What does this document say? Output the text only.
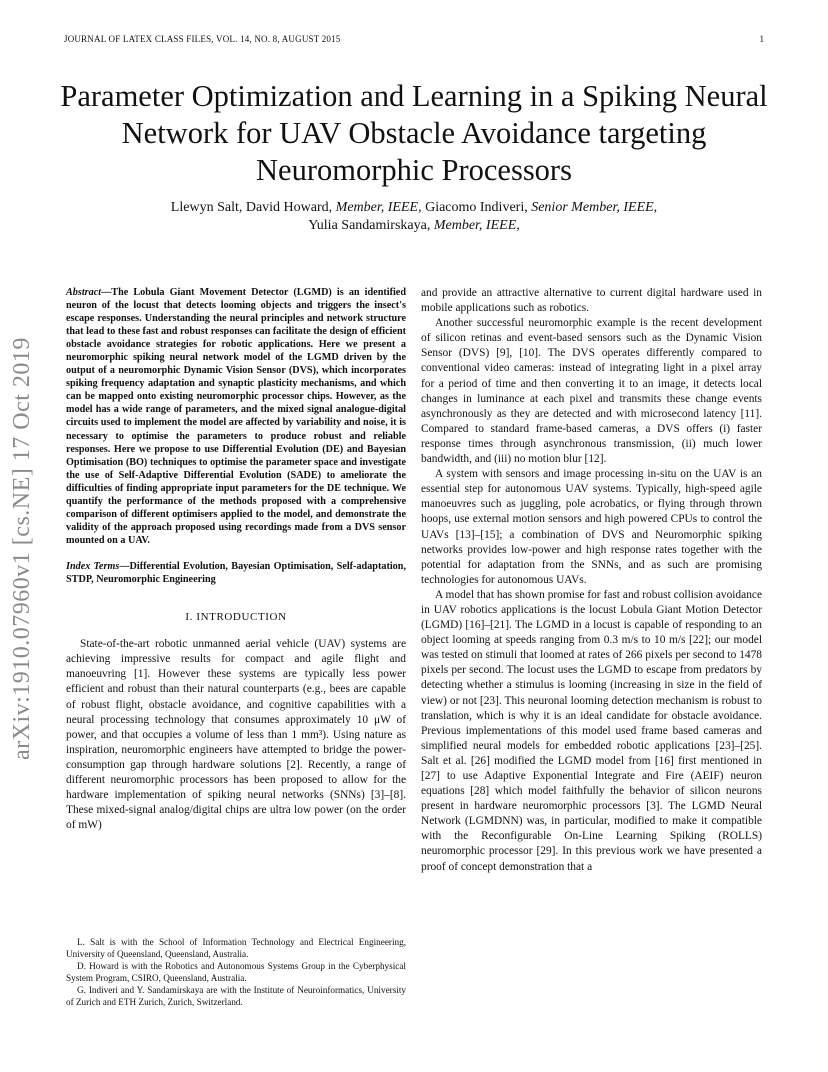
JOURNAL OF LATEX CLASS FILES, VOL. 14, NO. 8, AUGUST 2015	1
arXiv:1910.07960v1 [cs.NE] 17 Oct 2019
Parameter Optimization and Learning in a Spiking Neural Network for UAV Obstacle Avoidance targeting Neuromorphic Processors
Llewyn Salt, David Howard, Member, IEEE, Giacomo Indiveri, Senior Member, IEEE,
Yulia Sandamirskaya, Member, IEEE,
Abstract—The Lobula Giant Movement Detector (LGMD) is an identified neuron of the locust that detects looming objects and triggers the insect's escape responses. Understanding the neural principles and network structure that lead to these fast and robust responses can facilitate the design of efficient obstacle avoidance strategies for robotic applications. Here we present a neuromorphic spiking neural network model of the LGMD driven by the output of a neuromorphic Dynamic Vision Sensor (DVS), which incorporates spiking frequency adaptation and synaptic plasticity mechanisms, and which can be mapped onto existing neuromorphic processor chips. However, as the model has a wide range of parameters, and the mixed signal analogue-digital circuits used to implement the model are affected by variability and noise, it is necessary to optimise the parameters to produce robust and reliable responses. Here we propose to use Differential Evolution (DE) and Bayesian Optimisation (BO) techniques to optimise the parameter space and investigate the use of Self-Adaptive Differential Evolution (SADE) to ameliorate the difficulties of finding appropriate input parameters for the DE technique. We quantify the performance of the methods proposed with a comprehensive comparison of different optimisers applied to the model, and demonstrate the validity of the approach proposed using recordings made from a DVS sensor mounted on a UAV.
Index Terms—Differential Evolution, Bayesian Optimisation, Self-adaptation, STDP, Neuromorphic Engineering
I. INTRODUCTION

State-of-the-art robotic unmanned aerial vehicle (UAV) systems are achieving impressive results for compact and agile flight and manoeuvring [1]. However these systems are typically less power efficient and robust than their natural counterparts (e.g., bees are capable of robust flight, obstacle avoidance, and cognitive capabilities with a neural processing technology that consumes approximately 10 μW of power, and that occupies a volume of less than 1 mm³). Using nature as inspiration, neuromorphic engineers have attempted to bridge the power-consumption gap through hardware solutions [2]. Recently, a range of different neuromorphic processors has been proposed to allow for the hardware implementation of spiking neural networks (SNNs) [3]–[8]. These mixed-signal analog/digital chips are ultra low power (on the order of mW)

L. Salt is with the School of Information Technology and Electrical Engineering, University of Queensland, Queensland, Australia.

D. Howard is with the Robotics and Autonomous Systems Group in the Cyberphysical System Program, CSIRO, Queensland, Australia.

G. Indiveri and Y. Sandamirskaya are with the Institute of Neuroinformatics, University of Zurich and ETH Zurich, Zurich, Switzerland.

and provide an attractive alternative to current digital hardware used in mobile applications such as robotics.

Another successful neuromorphic example is the recent development of silicon retinas and event-based sensors such as the Dynamic Vision Sensor (DVS) [9], [10]. The DVS operates differently compared to conventional video cameras: instead of integrating light in a pixel array for a period of time and then converting it to an image, it detects local changes in luminance at each pixel and transmits these change events asynchronously as they are detected and with microsecond latency [11]. Compared to standard frame-based cameras, a DVS offers (i) faster response times through asynchronous transmission, (ii) much lower bandwidth, and (iii) no motion blur [12].

A system with sensors and image processing in-situ on the UAV is an essential step for autonomous UAV systems. Typically, high-speed agile manoeuvres such as juggling, pole acrobatics, or flying through thrown hoops, use external motion sensors and high powered CPUs to control the UAVs [13]–[15]; a combination of DVS and Neuromorphic spiking networks provides low-power and high response rates together with the potential for adaptation from the SNNs, and as such are promising technologies for autonomous UAVs.

A model that has shown promise for fast and robust collision avoidance in UAV robotics applications is the locust Lobula Giant Motion Detector (LGMD) [16]–[21]. The LGMD in a locust is capable of responding to an object looming at speeds ranging from 0.3 m/s to 10 m/s [22]; our model was tested on stimuli that loomed at rates of 266 pixels per second to 1478 pixels per second. The locust uses the LGMD to escape from predators by detecting whether a stimulus is looming (increasing in size in the field of view) or not [23]. This neuronal looming detection mechanism is robust to translation, which is why it is an ideal candidate for obstacle avoidance. Previous implementations of this model used frame based cameras and simplified neural models for embedded robotic applications [23]–[25]. Salt et al. [26] modified the LGMD model from [16] first mentioned in [27] to use Adaptive Exponential Integrate and Fire (AEIF) neuron equations [28] which model faithfully the behavior of silicon neurons present in hardware neuromorphic processors [3]. The LGMD Neural Network (LGMDNN) was, in particular, modified to make it compatible with the Reconfigurable On-Line Learning Spiking (ROLLS) neuromorphic processor [29]. In this previous work we have presented a proof of concept demonstration that a
